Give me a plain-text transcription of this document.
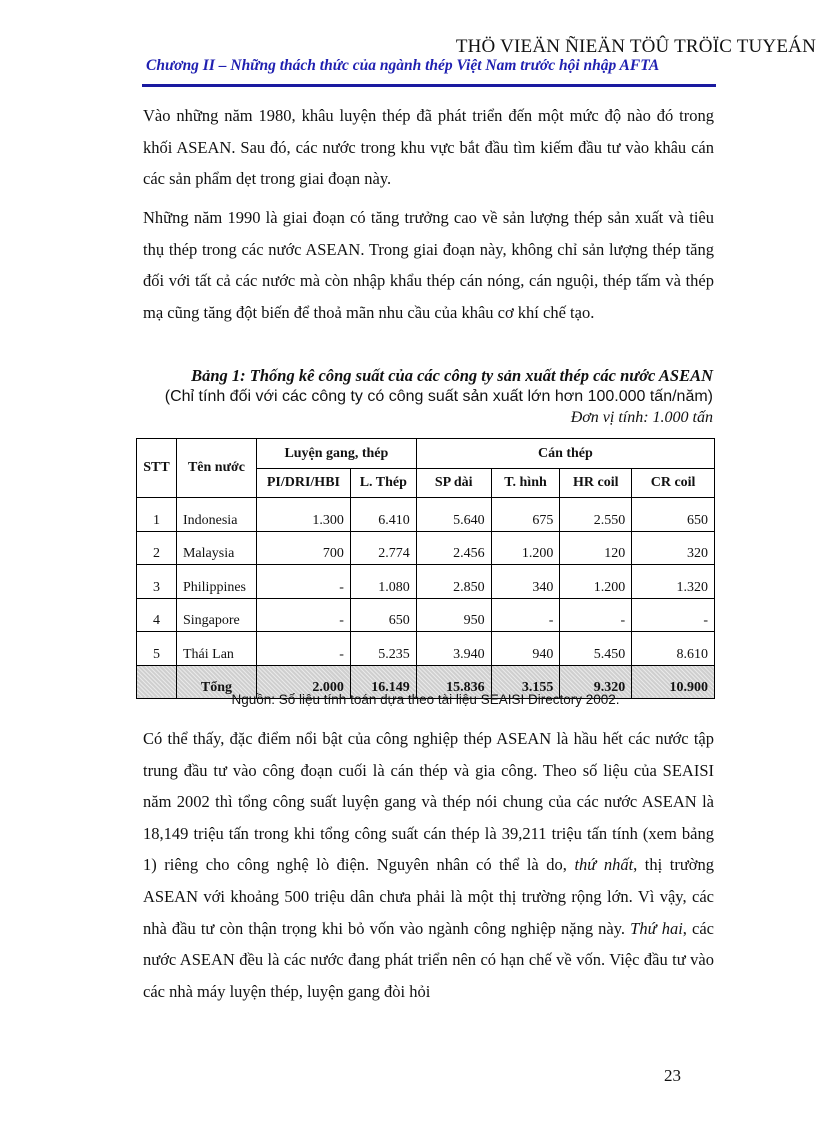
THÖ VIEÄN ÑIEÄN TÖÛ TRÖÏC TUYEÁN
Chương II – Những thách thức của ngành thép Việt Nam trước hội nhập AFTA

Vào những năm 1980, khâu luyện thép đã phát triển đến một mức độ nào đó trong khối ASEAN. Sau đó, các nước trong khu vực bắt đầu tìm kiếm đầu tư vào khâu cán các sản phẩm dẹt trong giai đoạn này.

Những năm 1990 là giai đoạn có tăng trưởng cao về sản lượng thép sản xuất và tiêu thụ thép trong các nước ASEAN. Trong giai đoạn này, không chỉ sản lượng thép tăng đối với tất cả các nước mà còn nhập khẩu thép cán nóng, cán nguội, thép tấm và thép mạ cũng tăng đột biến để thoả mãn nhu cầu của khâu cơ khí chế tạo.

Bảng 1: Thống kê công suất của các công ty sản xuất thép các nước ASEAN
(Chỉ tính đối với các công ty có công suất sản xuất lớn hơn 100.000 tấn/năm)
Đơn vị tính: 1.000 tấn
STT	Tên nước	Luyện gang, thép		Cán thép			
		PI/DRI/HBI	L. Thép	SP dài	T. hình	HR coil	CR coil
1	Indonesia	1.300	6.410	5.640	675	2.550	650
2	Malaysia	700	2.774	2.456	1.200	120	320
3	Philippines	-	1.080	2.850	340	1.200	1.320
4	Singapore	-	650	950	-	-	-
5	Thái Lan	-	5.235	3.940	940	5.450	8.610
	Tổng	2.000	16.149	15.836	3.155	9.320	10.900
Nguồn: Số liệu tính toán dựa theo tài liệu SEAISI Directory 2002.

Có thể thấy, đặc điểm nổi bật của công nghiệp thép ASEAN là hầu hết các nước tập trung đầu tư vào công đoạn cuối là cán thép và gia công. Theo số liệu của SEAISI năm 2002 thì tổng công suất luyện gang và thép nói chung của các nước ASEAN là 18,149 triệu tấn trong khi tổng công suất cán thép là 39,211 triệu tấn tính (xem bảng 1) riêng cho công nghệ lò điện. Nguyên nhân có thể là do, thứ nhất, thị trường ASEAN với khoảng 500 triệu dân chưa phải là một thị trường rộng lớn. Vì vậy, các nhà đầu tư còn thận trọng khi bỏ vốn vào ngành công nghiệp nặng này. Thứ hai, các nước ASEAN đều là các nước đang phát triển nên có hạn chế về vốn. Việc đầu tư vào các nhà máy luyện thép, luyện gang đòi hỏi

23
